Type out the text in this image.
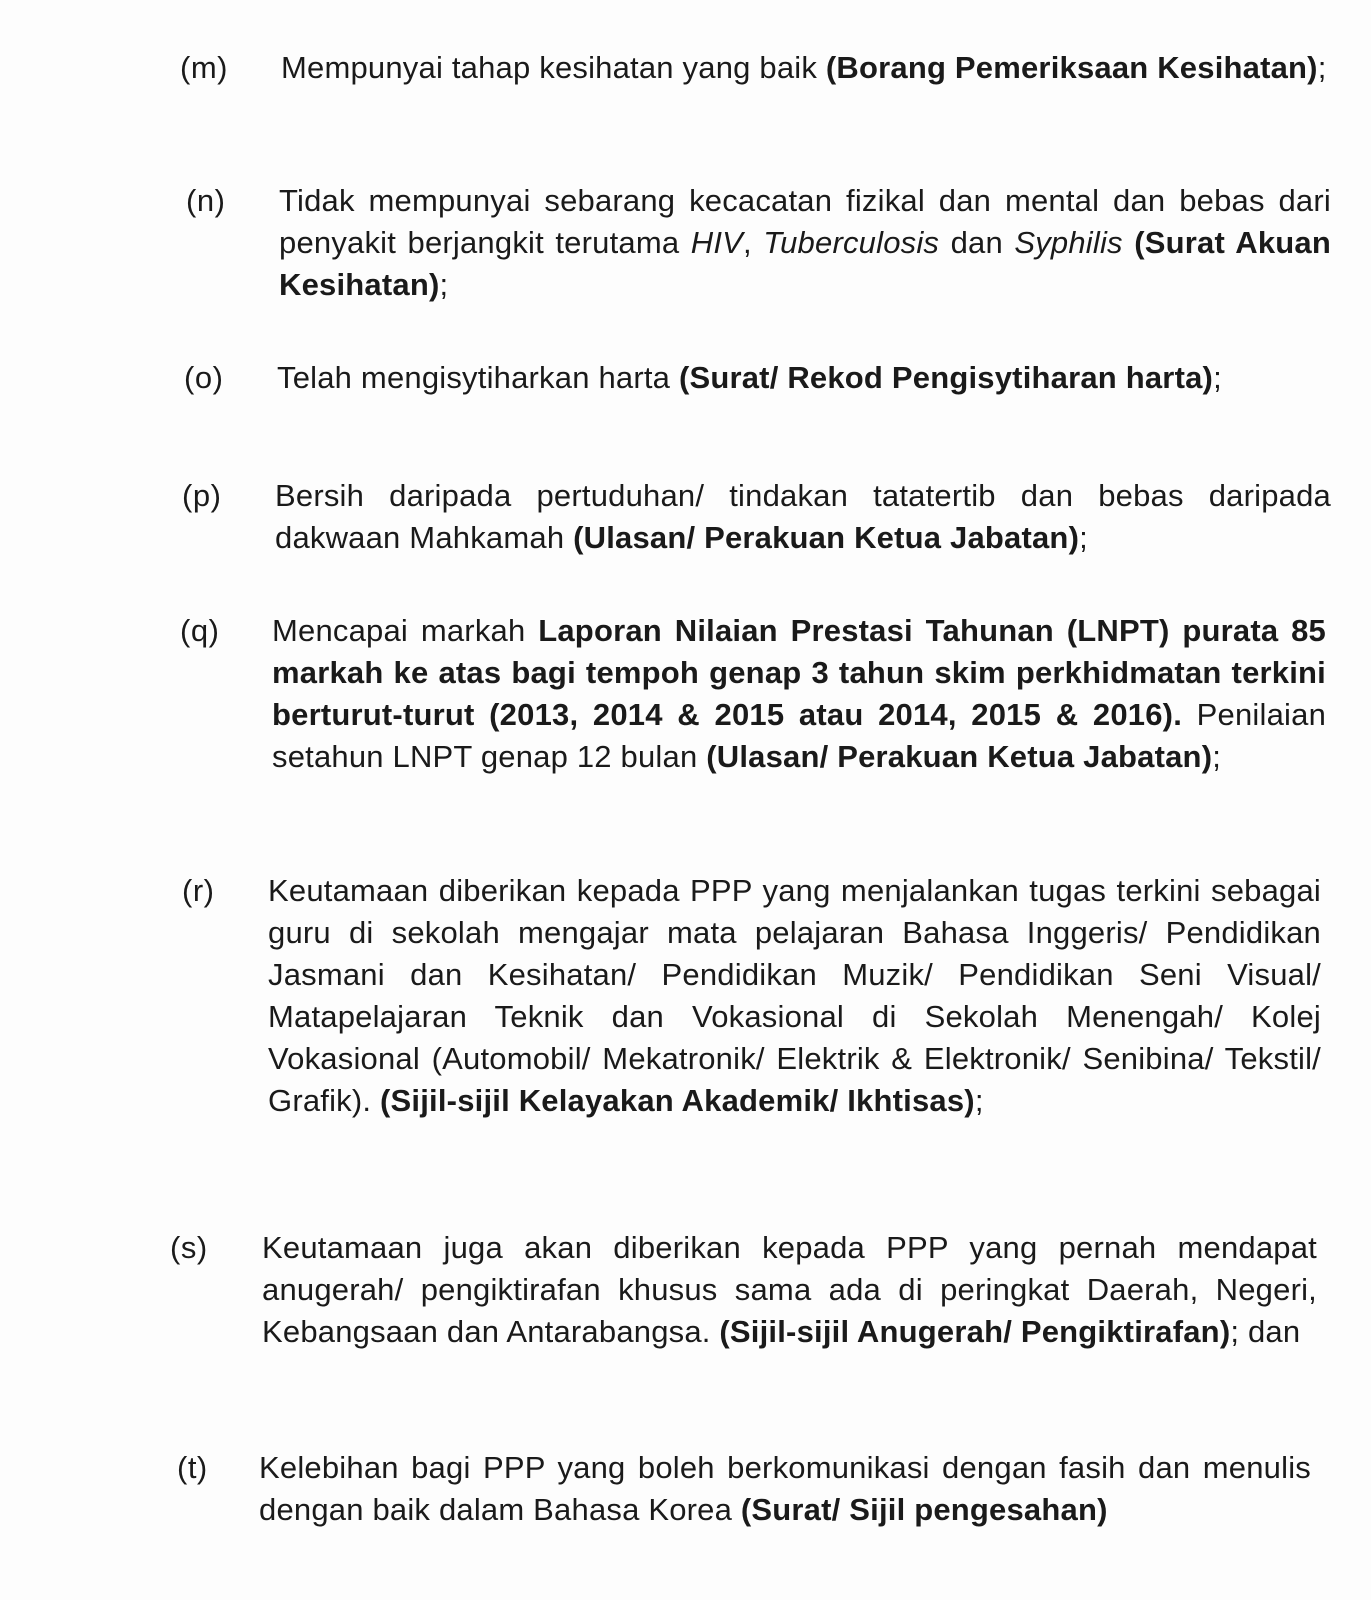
(m) Mempunyai tahap kesihatan yang baik (Borang Pemeriksaan Kesihatan);
(n) Tidak mempunyai sebarang kecacatan fizikal dan mental dan bebas dari penyakit berjangkit terutama HIV, Tuberculosis dan Syphilis (Surat Akuan Kesihatan);
(o) Telah mengisytiharkan harta (Surat/ Rekod Pengisytiharan harta);
(p) Bersih daripada pertuduhan/ tindakan tatatertib dan bebas daripada dakwaan Mahkamah (Ulasan/ Perakuan Ketua Jabatan);
(q) Mencapai markah Laporan Nilaian Prestasi Tahunan (LNPT) purata 85 markah ke atas bagi tempoh genap 3 tahun skim perkhidmatan terkini berturut-turut (2013, 2014 & 2015 atau 2014, 2015 & 2016). Penilaian setahun LNPT genap 12 bulan (Ulasan/ Perakuan Ketua Jabatan);
(r) Keutamaan diberikan kepada PPP yang menjalankan tugas terkini sebagai guru di sekolah mengajar mata pelajaran Bahasa Inggeris/ Pendidikan Jasmani dan Kesihatan/ Pendidikan Muzik/ Pendidikan Seni Visual/ Matapelajaran Teknik dan Vokasional di Sekolah Menengah/ Kolej Vokasional (Automobil/ Mekatronik/ Elektrik & Elektronik/ Senibina/ Tekstil/ Grafik). (Sijil-sijil Kelayakan Akademik/ Ikhtisas);
(s) Keutamaan juga akan diberikan kepada PPP yang pernah mendapat anugerah/ pengiktirafan khusus sama ada di peringkat Daerah, Negeri, Kebangsaan dan Antarabangsa. (Sijil-sijil Anugerah/ Pengiktirafan); dan
(t) Kelebihan bagi PPP yang boleh berkomunikasi dengan fasih dan menulis dengan baik dalam Bahasa Korea (Surat/ Sijil pengesahan)
